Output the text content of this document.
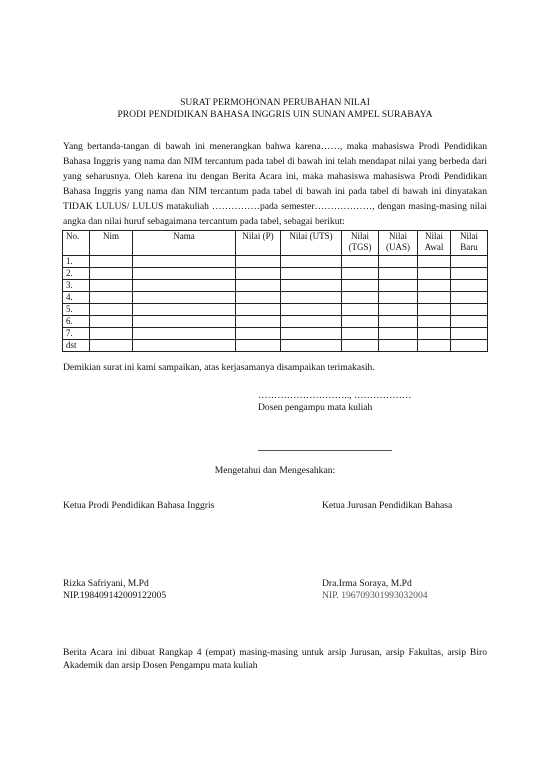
SURAT PERMOHONAN PERUBAHAN NILAI
PRODI PENDIDIKAN BAHASA INGGRIS UIN SUNAN AMPEL SURABAYA
Yang bertanda-tangan di bawah ini menerangkan bahwa karena……, maka mahasiswa Prodi Pendidikan Bahasa Inggris yang nama dan NIM tercantum pada tabel di bawah ini telah mendapat nilai yang berbeda dari yang seharusnya. Oleh karena itu dengan Berita Acara ini, maka mahasiswa mahasiswa Prodi Pendidikan Bahasa Inggris yang nama dan NIM tercantum pada tabel di bawah ini pada tabel di bawah ini dinyatakan TIDAK LULUS/ LULUS matakuliah ……………pada semester………………, dengan masing-masing nilai angka dan nilai huruf sebagaimana tercantum pada tabel, sebagai berikut:
No.	Nim	Nama	Nilai (P)	Nilai (UTS)	Nilai (TGS)	Nilai (UAS)	Nilai Awal	Nilai Baru
1.								
2.								
3.								
4.								
5.								
6.								
7.								
dst								
Demikian surat ini kami sampaikan, atas kerjasamanya disampaikan terimakasih.
……………………….., ………………
Dosen pengampu mata kuliah
Mengetahui dan Mengesahkan:
Ketua Prodi Pendidikan Bahasa Inggris	Ketua Jurusan Pendidikan Bahasa
Rizka Safriyani, M.Pd
NIP.198409142009122005
Dra.Irma Soraya, M.Pd
NIP. 196709301993032004
Berita Acara ini dibuat Rangkap 4 (empat) masing-masing untuk arsip Jurusan, arsip Fakultas, arsip Biro Akademik dan arsip Dosen Pengampu mata kuliah
